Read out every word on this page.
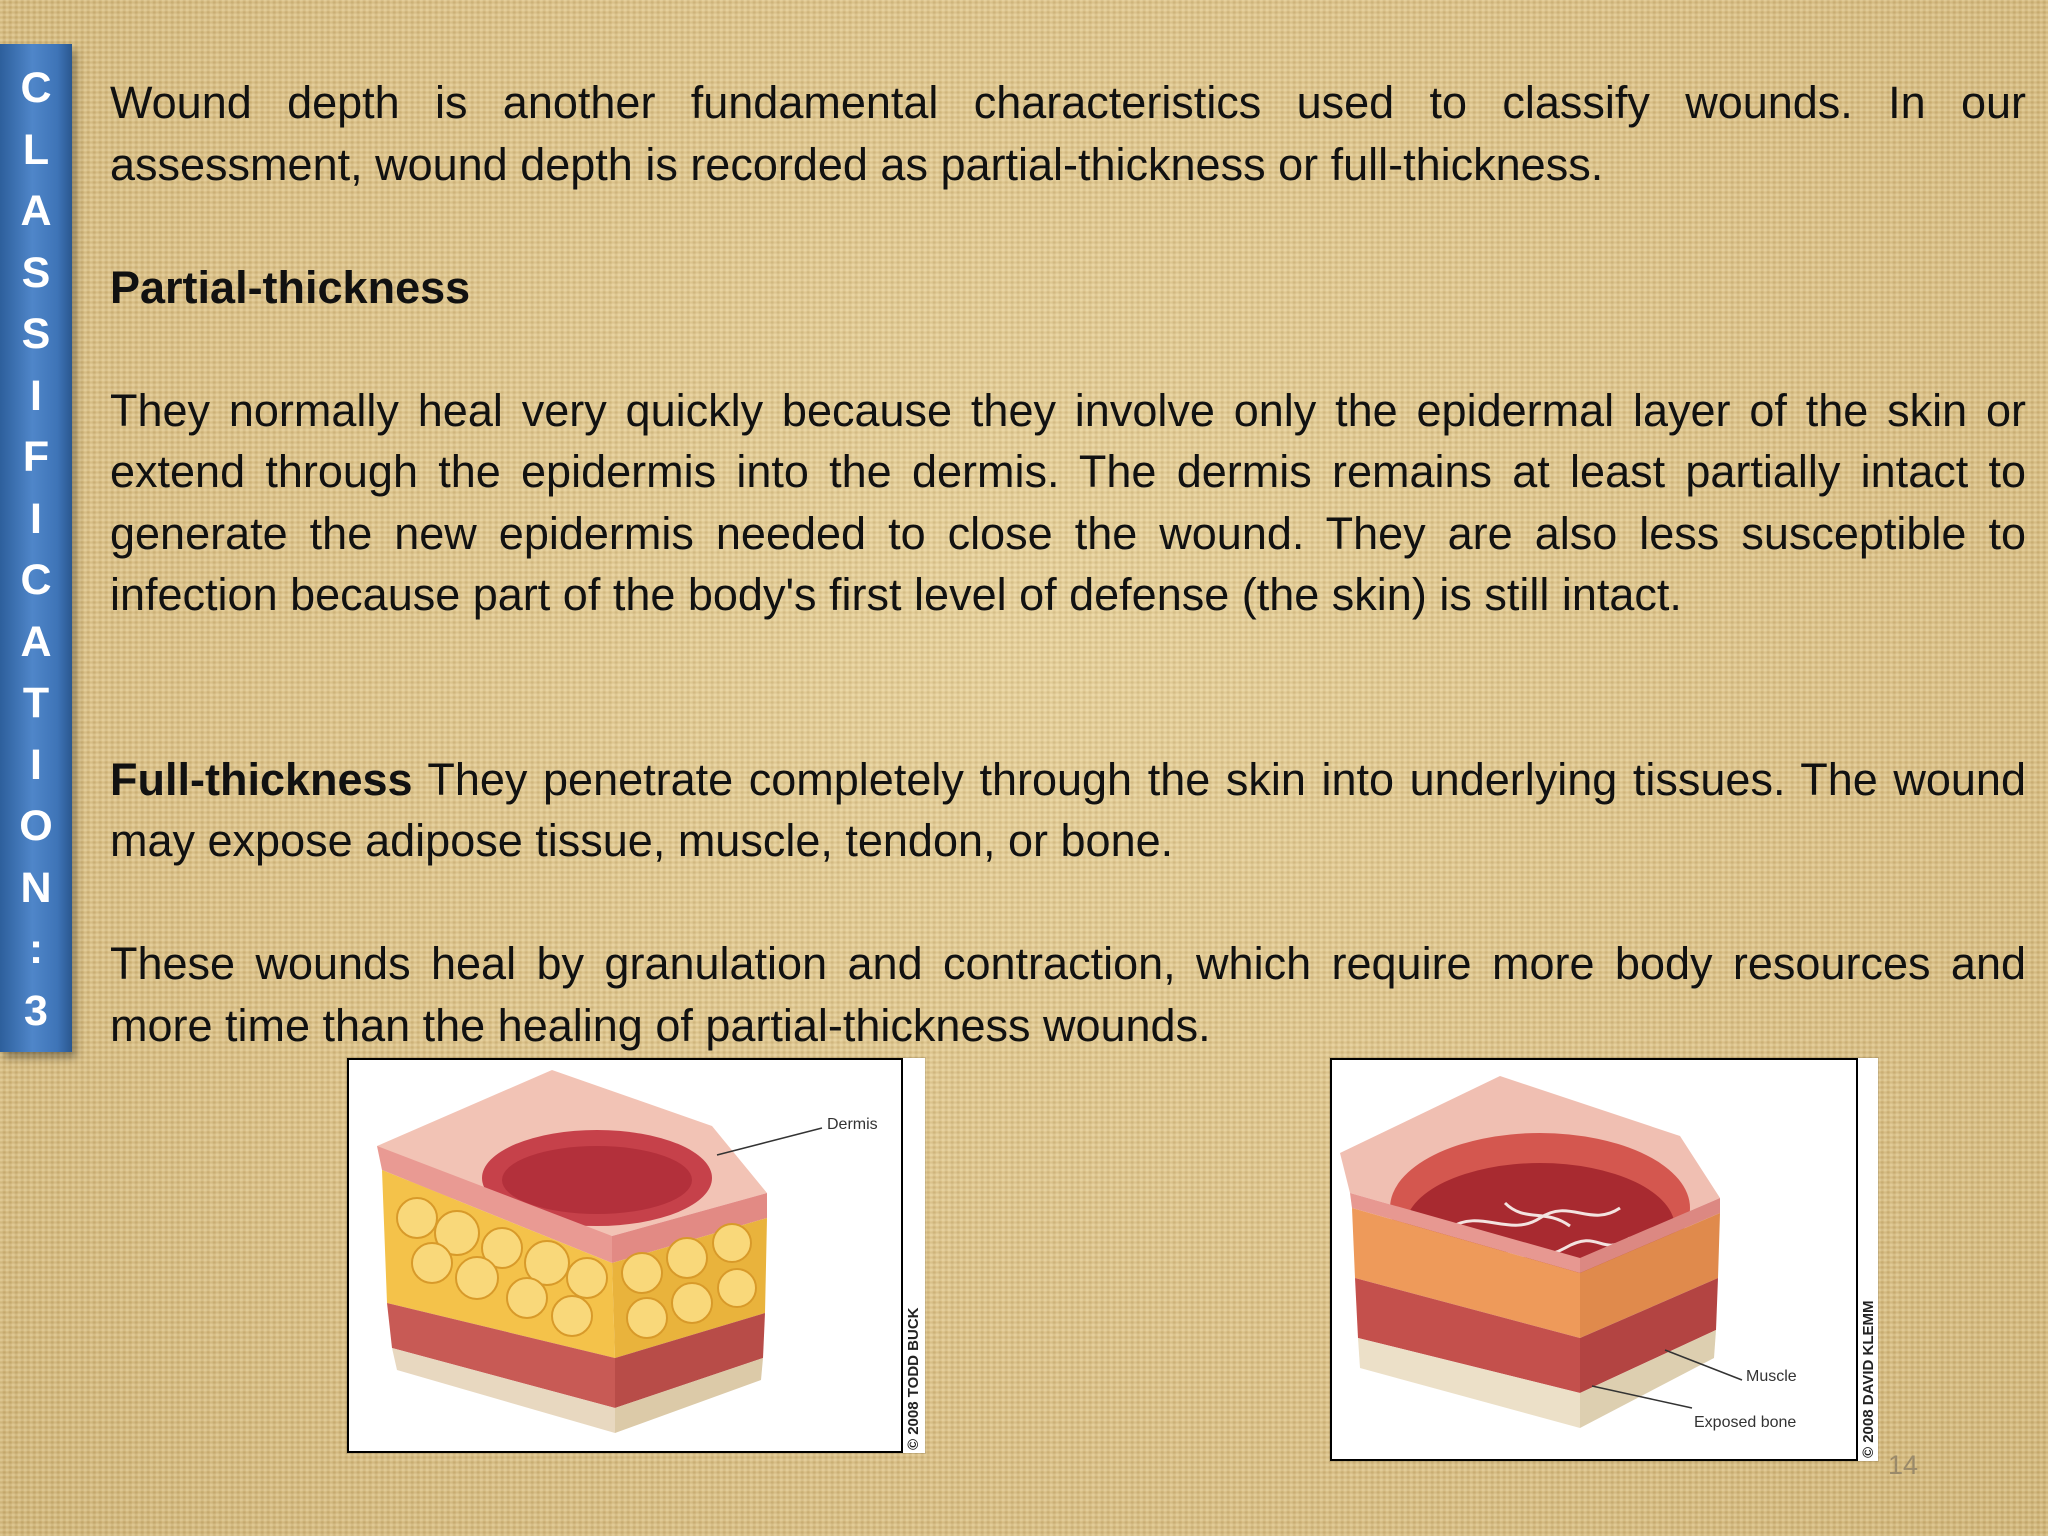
C
L
A
S
S
I
F
I
C
A
T
I
O
N
:
3

Wound depth is another fundamental characteristics used to classify wounds. In our assessment, wound depth is recorded as partial-thickness or full-thickness.

Partial-thickness

They normally heal very quickly because they involve only the epidermal layer of the skin or extend through the epidermis into the dermis. The dermis remains at least partially intact to generate the new epidermis needed to close the wound. They are also less susceptible to infection because part of the body's first level of defense (the skin) is still intact.

Full-thickness They penetrate completely through the skin into underlying tissues. The wound may expose adipose tissue, muscle, tendon, or bone.

These wounds heal by granulation and contraction, which require more body resources and more time than the healing of partial-thickness wounds.

Dermis
© 2008 TODD BUCK	Muscle
Exposed bone	© 2008 DAVID KLEMM
14
